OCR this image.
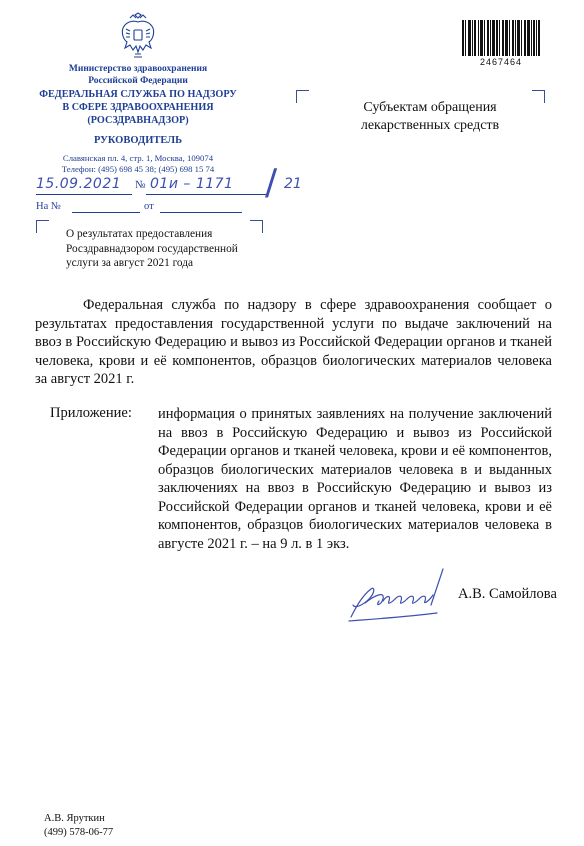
Министерство здравоохранения
Российской Федерации
ФЕДЕРАЛЬНАЯ СЛУЖБА ПО НАДЗОРУ
В СФЕРЕ ЗДРАВООХРАНЕНИЯ
(РОСЗДРАВНАДЗОР)
РУКОВОДИТЕЛЬ
Славянская пл. 4, стр. 1, Москва, 109074
Телефон: (495) 698 45 38; (495) 698 15 74
15.09.2021 № 01и – 1171 / 21
На №	от
О результатах предоставления
Росздравнадзором государственной
услуги за август 2021 года
2467464
Субъектам обращения
лекарственных средств
Федеральная служба по надзору в сфере здравоохранения сообщает о результатах предоставления государственной услуги по выдаче заключений на ввоз в Российскую Федерацию и вывоз из Российской Федерации органов и тканей человека, крови и её компонентов, образцов биологических материалов человека за август 2021 г.
Приложение: информация о принятых заявлениях на получение заключений на ввоз в Российскую Федерацию и вывоз из Российской Федерации органов и тканей человека, крови и её компонентов, образцов биологических материалов человека в и выданных заключениях на ввоз в Российскую Федерацию и вывоз из Российской Федерации органов и тканей человека, крови и её компонентов, образцов биологических материалов человека в августе 2021 г. – на 9 л. в 1 экз.
А.В. Самойлова
А.В. Яруткин
(499) 578-06-77
